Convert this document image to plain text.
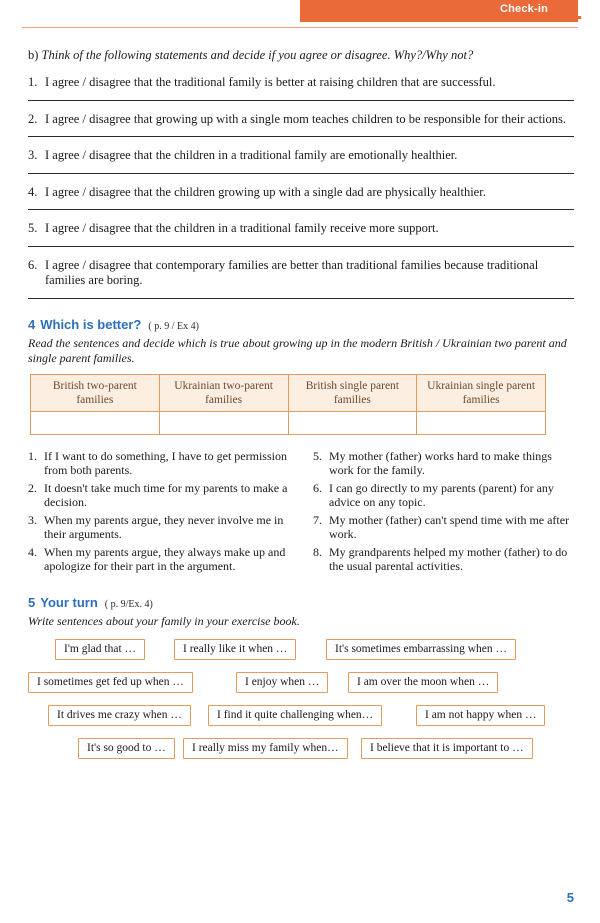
Check-in 1
b) Think of the following statements and decide if you agree or disagree. Why?/Why not?
1. I agree / disagree that the traditional family is better at raising children that are successful.
2. I agree / disagree that growing up with a single mom teaches children to be responsible for their actions.
3. I agree / disagree that the children in a traditional family are emotionally healthier.
4. I agree / disagree that the children growing up with a single dad are physically healthier.
5. I agree / disagree that the children in a traditional family receive more support.
6. I agree / disagree that contemporary families are better than traditional families because traditional families are boring.
4 Which is better? ( p. 9 / Ex 4)
Read the sentences and decide which is true about growing up in the modern British / Ukrainian two parent and single parent families.
British two-parent families	Ukrainian two-parent families	British single parent families	Ukrainian single parent families

1. If I want to do something, I have to get permission from both parents.
2. It doesn't take much time for my parents to make a decision.
3. When my parents argue, they never involve me in their arguments.
4. When my parents argue, they always make up and apologize for their part in the argument.
5. My mother (father) works hard to make things work for the family.
6. I can go directly to my parents (parent) for any advice on any topic.
7. My mother (father) can't spend time with me after work.
8. My grandparents helped my mother (father) to do the usual parental activities.
5 Your turn ( p. 9/Ex. 4)
Write sentences about your family in your exercise book.
I'm glad that …	I really like it when …	It's sometimes embarrassing when …
I sometimes get fed up when …	I enjoy when …	I am over the moon when …
It drives me crazy when …	I find it quite challenging when…	I am not happy when …
It's so good to …	I really miss my family when…	I believe that it is important to …
5
